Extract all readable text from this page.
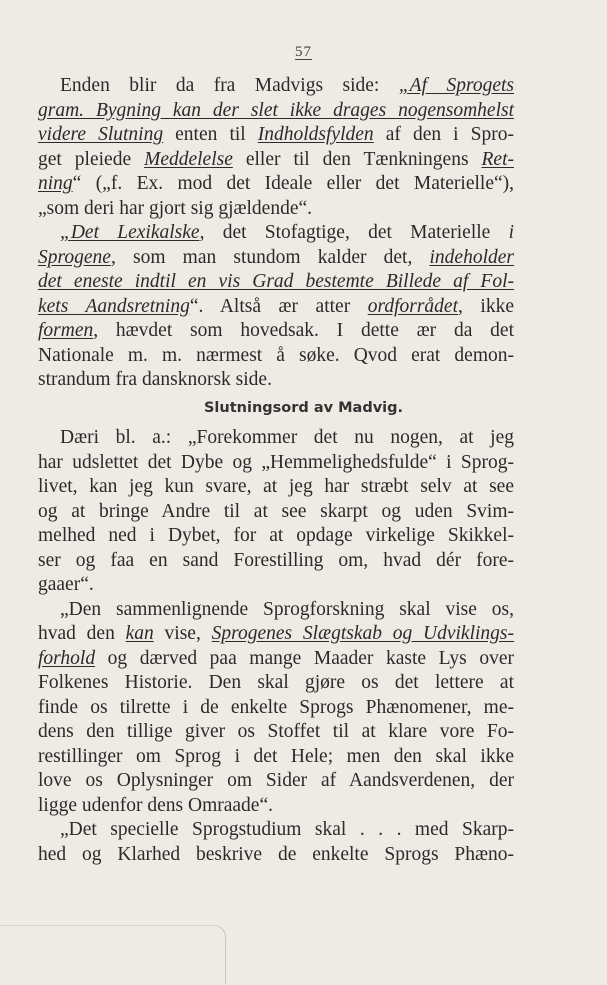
57

Enden blir da fra Madvigs side: „Af Sprogets
gram. Bygning kan der slet ikke drages nogensomhelst
videre Slutning enten til Indholdsfylden af den i Spro-
get pleiede Meddelelse eller til den Tænkningens Ret-
ning“ („f. Ex. mod det Ideale eller det Materielle“),
„som deri har gjort sig gjældende“.

„Det Lexikalske, det Stofagtige, det Materielle i
Sprogene, som man stundom kalder det, indeholder
det eneste indtil en vis Grad bestemte Billede af Fol-
kets Aandsretning“. Altså ær atter ordforrådet, ikke
formen, hævdet som hovedsak. I dette ær da det
Nationale m. m. nærmest å søke. Qvod erat demon-
strandum fra dansknorsk side.

Slutningsord av Madvig.

Dæri bl. a.: „Forekommer det nu nogen, at jeg
har udslettet det Dybe og „Hemmelighedsfulde“ i Sprog-
livet, kan jeg kun svare, at jeg har stræbt selv at see
og at bringe Andre til at see skarpt og uden Svim-
melhed ned i Dybet, for at opdage virkelige Skikkel-
ser og faa en sand Forestilling om, hvad dér fore-
gaaer“.

„Den sammenlignende Sprogforskning skal vise os,
hvad den kan vise, Sprogenes Slægtskab og Udviklings-
forhold og dærved paa mange Maader kaste Lys over
Folkenes Historie. Den skal gjøre os det lettere at
finde os tilrette i de enkelte Sprogs Phænomener, me-
dens den tillige giver os Stoffet til at klare vore Fo-
restillinger om Sprog i det Hele; men den skal ikke
love os Oplysninger om Sider af Aandsverdenen, der
ligge udenfor dens Omraade“.

„Det specielle Sprogstudium skal . . . med Skarp-
hed og Klarhed beskrive de enkelte Sprogs Phæno-
